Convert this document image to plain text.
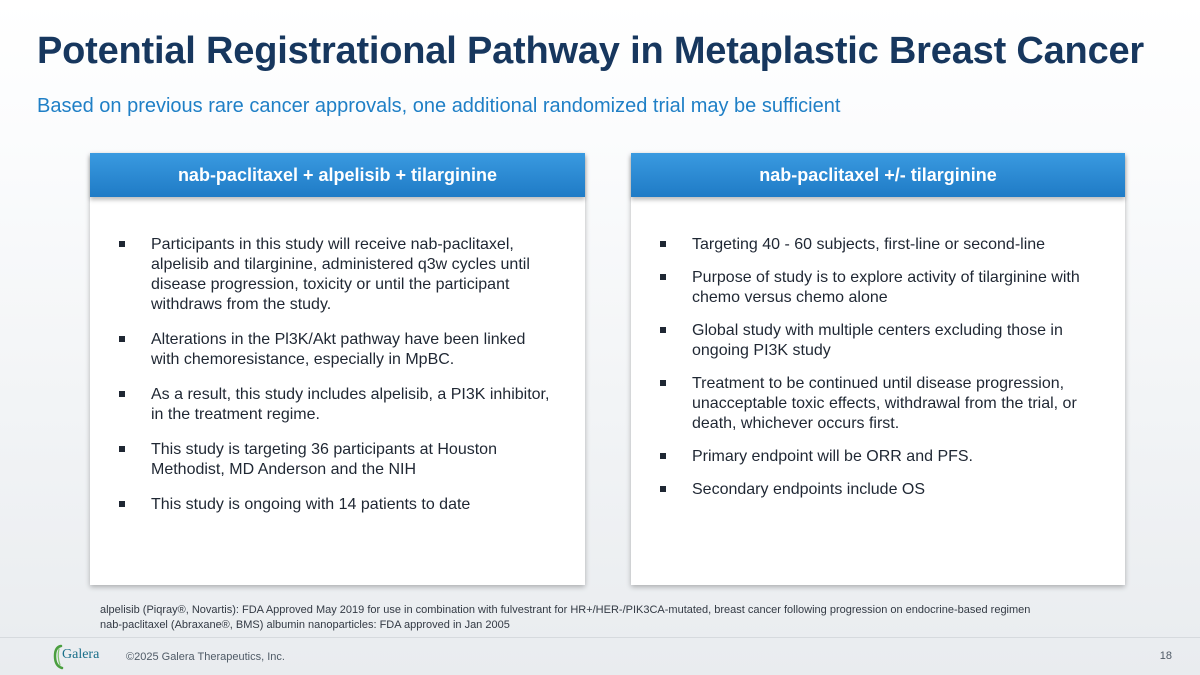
Potential Registrational Pathway in Metaplastic Breast Cancer

Based on previous rare cancer approvals, one additional randomized trial may be sufficient

nab-paclitaxel + alpelisib + tilarginine
Participants in this study will receive nab-paclitaxel, alpelisib and tilarginine, administered q3w cycles until disease progression, toxicity or until the participant withdraws from the study.
Alterations in the Pl3K/Akt pathway have been linked with chemoresistance, especially in MpBC.
As a result, this study includes alpelisib, a PI3K inhibitor, in the treatment regime.
This study is targeting 36 participants at Houston Methodist, MD Anderson and the NIH
This study is ongoing with 14 patients to date
nab-paclitaxel +/- tilarginine
Targeting 40 - 60 subjects, first-line or second-line
Purpose of study is to explore activity of tilarginine with chemo versus chemo alone
Global study with multiple centers excluding those in ongoing PI3K study
Treatment to be continued until disease progression, unacceptable toxic effects, withdrawal from the trial, or death, whichever occurs first.
Primary endpoint will be ORR and PFS.
Secondary endpoints include OS
alpelisib (Piqray®, Novartis): FDA Approved May 2019 for use in combination with fulvestrant for HR+/HER-/PIK3CA-mutated, breast cancer following progression on endocrine-based regimen
nab-paclitaxel (Abraxane®, BMS) albumin nanoparticles: FDA approved in Jan 2005
Galera ©2025 Galera Therapeutics, Inc.	18
